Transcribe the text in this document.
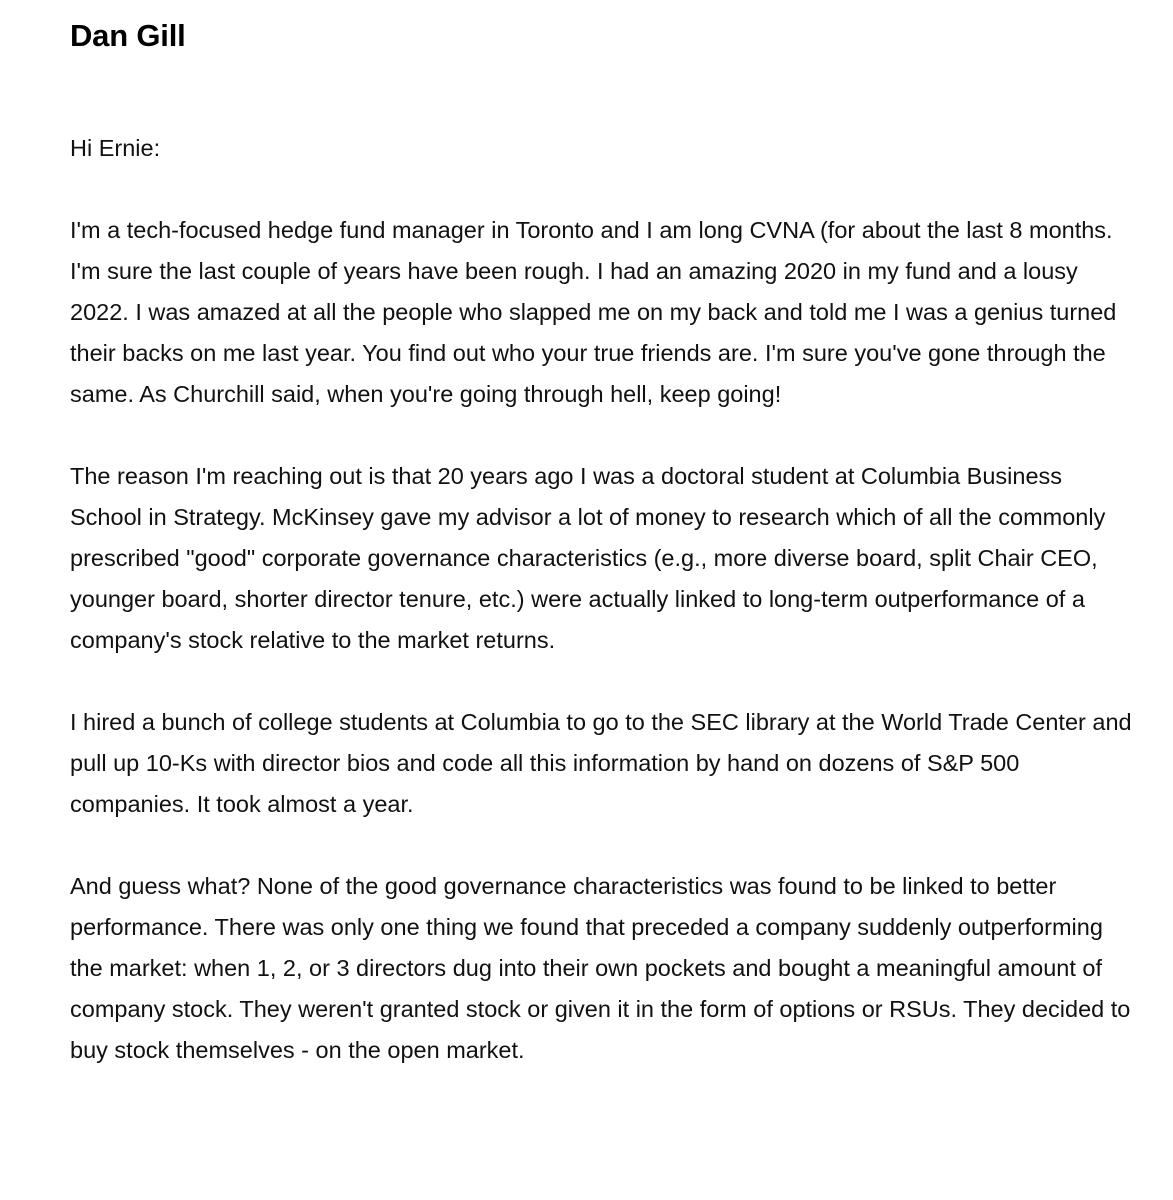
Dan Gill

Hi Ernie:

I'm a tech-focused hedge fund manager in Toronto and I am long CVNA (for about the last 8 months. I'm sure the last couple of years have been rough. I had an amazing 2020 in my fund and a lousy 2022. I was amazed at all the people who slapped me on my back and told me I was a genius turned their backs on me last year. You find out who your true friends are. I'm sure you've gone through the same. As Churchill said, when you're going through hell, keep going!

The reason I'm reaching out is that 20 years ago I was a doctoral student at Columbia Business School in Strategy. McKinsey gave my advisor a lot of money to research which of all the commonly prescribed "good" corporate governance characteristics (e.g., more diverse board, split Chair CEO, younger board, shorter director tenure, etc.) were actually linked to long-term outperformance of a company's stock relative to the market returns.

I hired a bunch of college students at Columbia to go to the SEC library at the World Trade Center and pull up 10-Ks with director bios and code all this information by hand on dozens of S&P 500 companies. It took almost a year.

And guess what? None of the good governance characteristics was found to be linked to better performance. There was only one thing we found that preceded a company suddenly outperforming the market: when 1, 2, or 3 directors dug into their own pockets and bought a meaningful amount of company stock. They weren't granted stock or given it in the form of options or RSUs. They decided to buy stock themselves - on the open market.
